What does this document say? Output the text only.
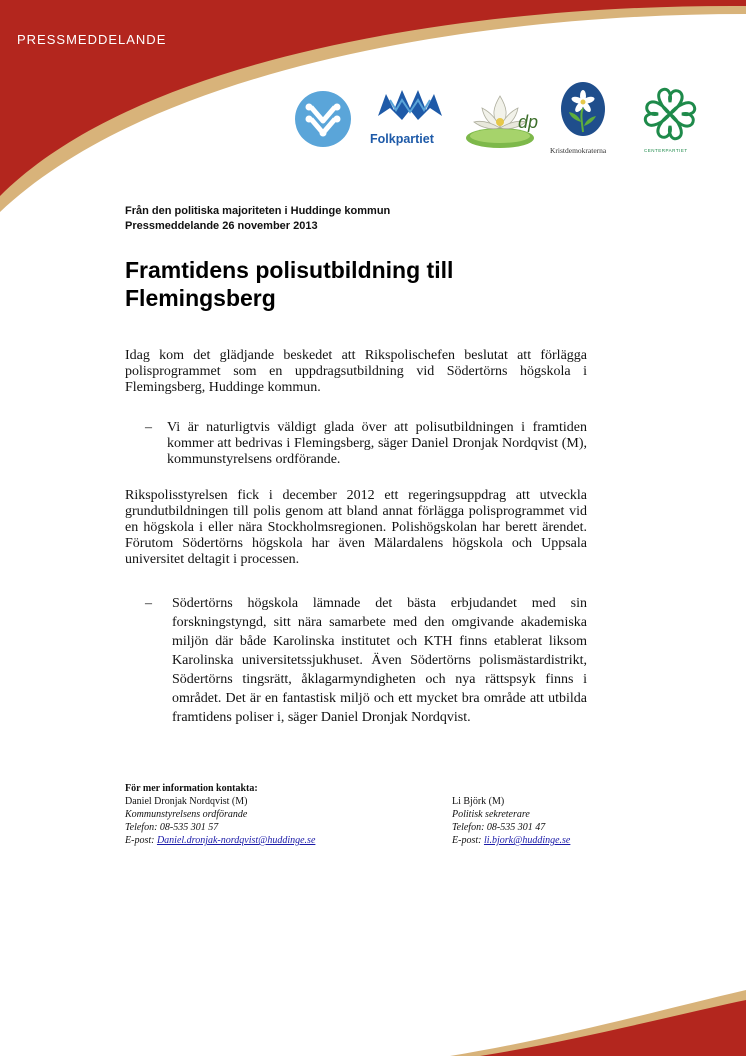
PRESSMEDDELANDE
Folkpartiet
dp
Kristdemokraterna	CENTERPARTIET
Från den politiska majoriteten i Huddinge kommun
Pressmeddelande 26 november 2013
Framtidens polisutbildning till
Flemingsberg
Idag kom det glädjande beskedet att Rikspolischefen beslutat att förlägga polisprogrammet som en uppdragsutbildning vid Södertörns högskola i Flemingsberg, Huddinge kommun.
– Vi är naturligtvis väldigt glada över att polisutbildningen i framtiden kommer att bedrivas i Flemingsberg, säger Daniel Dronjak Nordqvist (M), kommunstyrelsens ordförande.
Rikspolisstyrelsen fick i december 2012 ett regeringsuppdrag att utveckla grundutbildningen till polis genom att bland annat förlägga polisprogrammet vid en högskola i eller nära Stockholmsregionen. Polishögskolan har berett ärendet. Förutom Södertörns högskola har även Mälardalens högskola och Uppsala universitet deltagit i processen.
– Södertörns högskola lämnade det bästa erbjudandet med sin forskningstyngd, sitt nära samarbete med den omgivande akademiska miljön där både Karolinska institutet och KTH finns etablerat liksom Karolinska universitetssjukhuset. Även Södertörns polismästardistrikt, Södertörns tingsrätt, åklagarmyndigheten och nya rättspsyk finns i området. Det är en fantastisk miljö och ett mycket bra område att utbilda framtidens poliser i, säger Daniel Dronjak Nordqvist.
För mer information kontakta:
Daniel Dronjak Nordqvist (M)
Kommunstyrelsens ordförande
Telefon: 08-535 301 57
E-post: Daniel.dronjak-nordqvist@huddinge.se
Li Björk (M)
Politisk sekreterare
Telefon: 08-535 301 47
E-post: li.bjork@huddinge.se
